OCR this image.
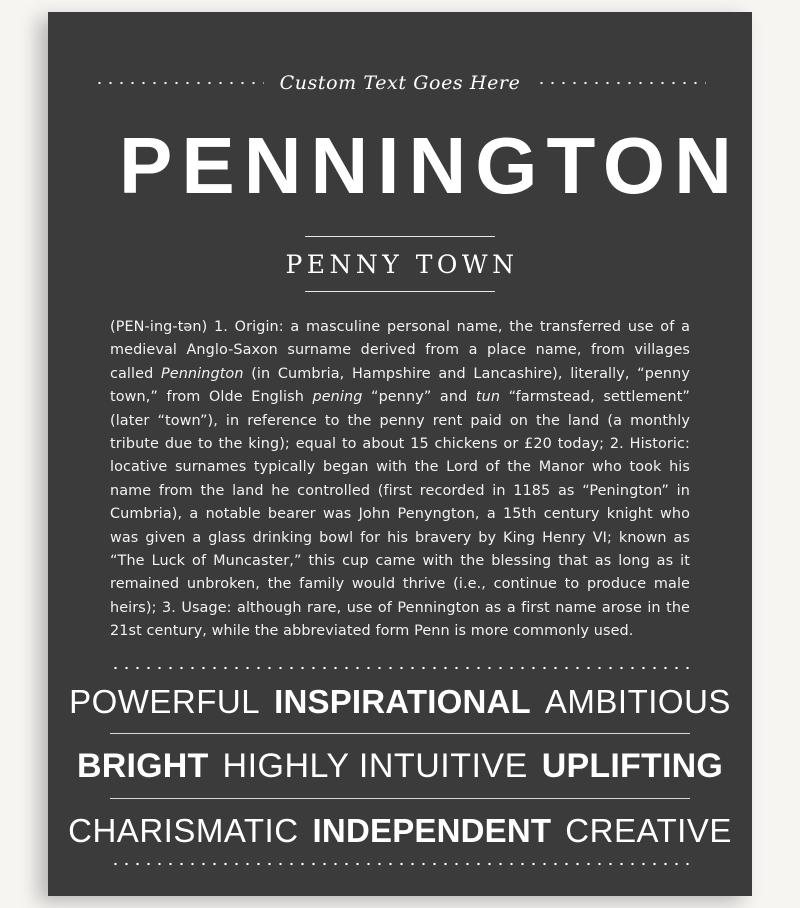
Custom Text Goes Here
PENNINGTON
PENNY TOWN
(PEN-ing-tən) 1. Origin: a masculine personal name, the transferred use of a medieval Anglo-Saxon surname derived from a place name, from villages called Pennington (in Cumbria, Hampshire and Lancashire), literally, “penny town,” from Olde English pening “penny” and tun “farmstead, settlement” (later “town”), in reference to the penny rent paid on the land (a monthly tribute due to the king); equal to about 15 chickens or £20 today; 2. Historic: locative surnames typically began with the Lord of the Manor who took his name from the land he controlled (first recorded in 1185 as “Penington” in Cumbria), a notable bearer was John Penyngton, a 15th century knight who was given a glass drinking bowl for his bravery by King Henry VI; known as “The Luck of Muncaster,” this cup came with the blessing that as long as it remained unbroken, the family would thrive (i.e., continue to produce male heirs); 3. Usage: although rare, use of Pennington as a first name arose in the 21st century, while the abbreviated form Penn is more commonly used.
POWERFUL INSPIRATIONAL AMBITIOUS
BRIGHT HIGHLY INTUITIVE UPLIFTING
CHARISMATIC INDEPENDENT CREATIVE
